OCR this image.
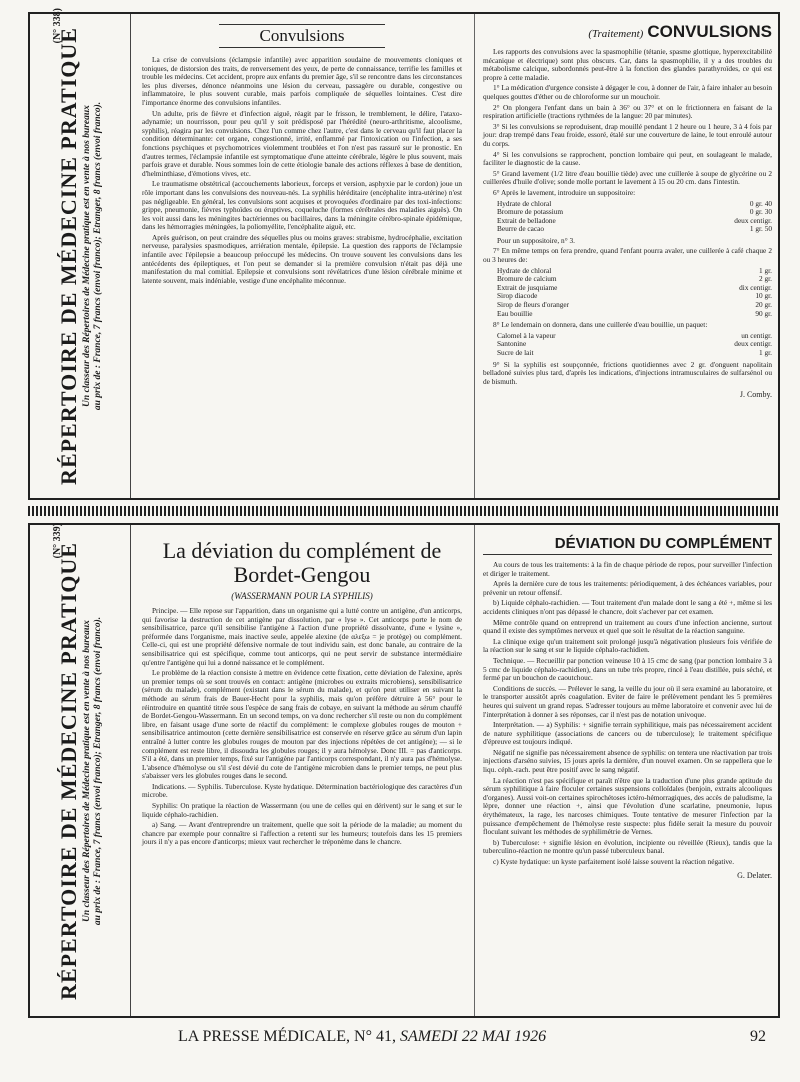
RÉPERTOIRE DE MÉDECINE PRATIQUE Un classeur des Répertoires de Médecine pratique est en vente à nos bureaux au prix de : France, 7 francs (envoi franco); Etranger, 8 francs (envoi franco).
(N° 338)	Convulsions

La crise de convulsions (éclampsie infantile) avec apparition soudaine de mouvements cloniques et toniques, de distorsion des traits, de renversement des yeux, de perte de connaissance, terrifie les familles et trouble les médecins. Cet accident, propre aux enfants du premier âge, s'il se rencontre dans les circonstances les plus diverses, dénonce néanmoins une lésion du cerveau, passagère ou durable, congestive ou inflammatoire, le plus souvent curable, mais parfois compliquée de séquelles lointaines. C'est dire l'importance énorme des convulsions infantiles.

Un adulte, pris de fièvre et d'infection aiguë, réagit par le frisson, le tremblement, le délire, l'ataxo-adynamie; un nourrisson, pour peu qu'il y soit prédisposé par l'hérédité (neuro-arthritisme, alcoolisme, syphilis), réagira par les convulsions. Chez l'un comme chez l'autre, c'est dans le cerveau qu'il faut placer la condition déterminante: cet organe, congestionné, irrité, enflammé par l'intoxication ou l'infection, a ses fonctions psychiques et psychomotrices violemment troublées et l'on n'est pas rassuré sur le pronostic. En d'autres termes, l'éclampsie infantile est symptomatique d'une atteinte cérébrale, légère le plus souvent, mais parfois grave et durable. Nous sommes loin de cette étiologie banale des actions réflexes à base de dentition, d'helminthiase, d'émotions vives, etc.

Le traumatisme obstétrical (accouchements laborieux, forceps et version, asphyxie par le cordon) joue un rôle important dans les convulsions des nouveau-nés. La syphilis héréditaire (encéphalite intra-utérine) n'est pas négligeable. En général, les convulsions sont acquises et provoquées d'ordinaire par des toxi-infections: grippe, pneumonie, fièvres typhoïdes ou éruptives, coqueluche (formes cérébrales des maladies aiguës). On les voit aussi dans les méningites bactériennes ou bacillaires, dans la méningite cérébro-spinale épidémique, dans les hémorragies méningées, la poliomyélite, l'encéphalite aiguë, etc.

Après guérison, on peut craindre des séquelles plus ou moins graves: strabisme, hydrocéphalie, excitation nerveuse, paralysies spasmodiques, arriération mentale, épilepsie. La question des rapports de l'éclampsie infantile avec l'épilepsie a beaucoup préoccupé les médecins. On trouve souvent les convulsions dans les antécédents des épileptiques, et l'on peut se demander si la première convulsion n'était pas déjà une manifestation du mal comitial. Epilepsie et convulsions sont révélatrices d'une lésion cérébrale minime et latente souvent, mais indéniable, vestige d'une encéphalite méconnue.

(Traitement) CONVULSIONS

Les rapports des convulsions avec la spasmophilie (tétanie, spasme glottique, hyperexcitabilité mécanique et électrique) sont plus obscurs. Car, dans la spasmophilie, il y a des troubles du métabolisme calcique, subordonnés peut-être à la fonction des glandes parathyroïdes, ce qui est propre à cette maladie.

1° La médication d'urgence consiste à dégager le cou, à donner de l'air, à faire inhaler au besoin quelques gouttes d'éther ou de chloroforme sur un mouchoir.

2° On plongera l'enfant dans un bain à 36° ou 37° et on le frictionnera en faisant de la respiration artificielle (tractions rythmées de la langue: 20 par minutes).

3° Si les convulsions se reproduisent, drap mouillé pendant 1 2 heure ou 1 heure, 3 à 4 fois par jour: drap trempé dans l'eau froide, essoré, étalé sur une couverture de laine, le tout enroulé autour du corps.

4° Si les convulsions se rapprochent, ponction lombaire qui peut, en soulageant le malade, faciliter le diagnostic de la cause.

5° Grand lavement (1/2 litre d'eau bouillie tiède) avec une cuillerée à soupe de glycérine ou 2 cuillerées d'huile d'olive; sonde molle portant le lavement à 15 ou 20 cm. dans l'intestin.

6° Après le lavement, introduire un suppositoire:

Hydrate de chloral	0 gr. 40
Bromure de potassium	0 gr. 30
Extrait de belladone	deux centigr.
Beurre de cacao	1 gr. 50

Pour un suppositoire, n° 3.

7° En même temps on fera prendre, quand l'enfant pourra avaler, une cuillerée à café chaque 2 ou 3 heures de:

Hydrate de chloral	1 gr.
Bromure de calcium	2 gr.
Extrait de jusquiame	dix centigr.
Sirop diacode	10 gr.
Sirop de fleurs d'oranger	20 gr.
Eau bouillie	90 gr.

8° Le lendemain on donnera, dans une cuillerée d'eau bouillie, un paquet:

Calomel à la vapeur	un centigr.
Santonine	deux centigr.
Sucre de lait	1 gr.

9° Si la syphilis est soupçonnée, frictions quotidiennes avec 2 gr. d'onguent napolitain belladoné suivies plus tard, d'après les indications, d'injections intramusculaires de sulfarsénol ou de bismuth.

J. Comby.
RÉPERTOIRE DE MÉDECINE PRATIQUE Un classeur des Répertoires de Médecine pratique est en vente à nos bureaux au prix de : France, 7 francs (envoi franco); Etranger, 8 francs (envoi franco).
(N° 339)	La déviation du complément de Bordet-Gengou
(WASSERMANN POUR LA SYPHILIS)

Principe. — Elle repose sur l'apparition, dans un organisme qui a lutté contre un antigène, d'un anticorps, qui favorise la destruction de cet antigène par dissolution, par « lyse ». Cet anticorps porte le nom de sensibilisatrice, parce qu'il sensibilise l'antigène à l'action d'une propriété dissolvante, d'une « lysine », préformée dans l'organisme, mais inactive seule, appelée alexine (de αλεξω = je protège) ou complément. Celle-ci, qui est une propriété défensive normale de tout individu sain, est donc banale, au contraire de la sensibilisatrice qui est spécifique, comme tout anticorps, qui ne peut servir de substance intermédiaire qu'entre l'antigène qui lui a donné naissance et le complément.

Le problème de la réaction consiste à mettre en évidence cette fixation, cette déviation de l'alexine, après un premier temps où se sont trouvés en contact: antigène (microbes ou extraits microbiens), sensibilisatrice (sérum du malade), complément (existant dans le sérum du malade), et qu'on peut utiliser en suivant la méthode au sérum frais de Bauer-Hecht pour la syphilis, mais qu'on préfère détruire à 56° pour le réintroduire en quantité titrée sous l'espèce de sang frais de cobaye, en suivant la méthode au sérum chauffé de Bordet-Gengou-Wassermann. En un second temps, on va donc rechercher s'il reste ou non du complément libre, en faisant usage d'une sorte de réactif du complément: le complexe globules rouges de mouton + sensibilisatrice antimouton (cette dernière sensibilisatrice est conservée en réserve grâce au sérum d'un lapin entraîné à lutter contre les globules rouges de mouton par des injections répétées de cet antigène); — si le complément est reste libre, il dissoudra les globules rouges; il y aura hémolyse. Donc III. = pas d'anticorps. S'il a été, dans un premier temps, fixé sur l'antigène par l'anticorps correspondant, il n'y aura pas d'hémolyse. L'absence d'hémolyse ou s'il s'est dévié du cote de l'antigène microbien dans le premier temps, ne peut plus s'abaisser vers les globules rouges dans le second.

Indications. — Syphilis. Tuberculose. Kyste hydatique. Détermination bactériologique des caractères d'un microbe.

Syphilis: On pratique la réaction de Wassermann (ou une de celles qui en dérivent) sur le sang et sur le liquide céphalo-rachidien.

a) Sang. — Avant d'entreprendre un traitement, quelle que soit la période de la maladie; au moment du chancre par exemple pour connaître si l'affection a retenti sur les humeurs; toutefois dans les 15 premiers jours il n'y a pas encore d'anticorps; mieux vaut rechercher le tréponème dans le chancre.

DÉVIATION DU COMPLÉMENT

Au cours de tous les traitements: à la fin de chaque période de repos, pour surveiller l'infection et diriger le traitement.

Après la dernière cure de tous les traitements: périodiquement, à des échéances variables, pour prévenir un retour offensif.

b) Liquide céphalo-rachidien. — Tout traitement d'un malade dont le sang a été +, même si les accidents cliniques n'ont pas dépassé le chancre, doit s'achever par cet examen.

Même contrôle quand on entreprend un traitement au cours d'une infection ancienne, surtout quand il existe des symptômes nerveux et quel que soit le résultat de la réaction sanguine.

La clinique exige qu'un traitement soit prolongé jusqu'à négativation plusieurs fois vérifiée de la réaction sur le sang et sur le liquide céphalo-rachidien.

Technique. — Recueillir par ponction veineuse 10 à 15 cmc de sang (par ponction lombaire 3 à 5 cmc de liquide céphalo-rachidien), dans un tube très propre, rincé à l'eau distillée, puis séché, et fermé par un bouchon de caoutchouc.

Conditions de succès. — Prélever le sang, la veille du jour où il sera examiné au laboratoire, et le transporter aussitôt après coagulation. Eviter de faire le prélèvement pendant les 5 premières heures qui suivent un grand repas. S'adresser toujours au même laboratoire et convenir avec lui de l'interprétation à donner à ses réponses, car il n'est pas de notation univoque.

Interprétation. — a) Syphilis: + signifie terrain syphilitique, mais pas nécessairement accident de nature syphilitique (associations de cancers ou de tuberculose); le traitement spécifique d'épreuve est toujours indiqué.

Négatif ne signifie pas nécessairement absence de syphilis: on tentera une réactivation par trois injections d'arséno suivies, 15 jours après la dernière, d'un nouvel examen. On se rappellera que le liqu. céph.-rach. peut être positif avec le sang négatif.

La réaction n'est pas spécifique et paraît n'être que la traduction d'une plus grande aptitude du sérum syphilitique à faire floculer certaines suspensions colloïdales (benjoin, extraits alcooliques d'organes). Aussi voit-on certaines spirochétoses ictéro-hémorragiques, des accès de paludisme, la lèpre, donner une réaction +, ainsi que l'évolution d'une scarlatine, pneumonie, lupus érythémateux, la rage, les narcoses chimiques. Toute tentative de mesurer l'infection par la puissance d'empêchement de l'hémolyse reste suspecte: plus fidèle serait la mesure du pouvoir floculant suivant les méthodes de syphilimétrie de Vernes.

b) Tuberculose: + signifie lésion en évolution, incipiente ou réveillée (Rieux), tandis que la tuberculino-réaction ne montre qu'un passé tuberculeux banal.

c) Kyste hydatique: un kyste parfaitement isolé laisse souvent la réaction négative.

G. Delater.
LA PRESSE MÉDICALE, N° 41, SAMEDI 22 MAI 1926	92
